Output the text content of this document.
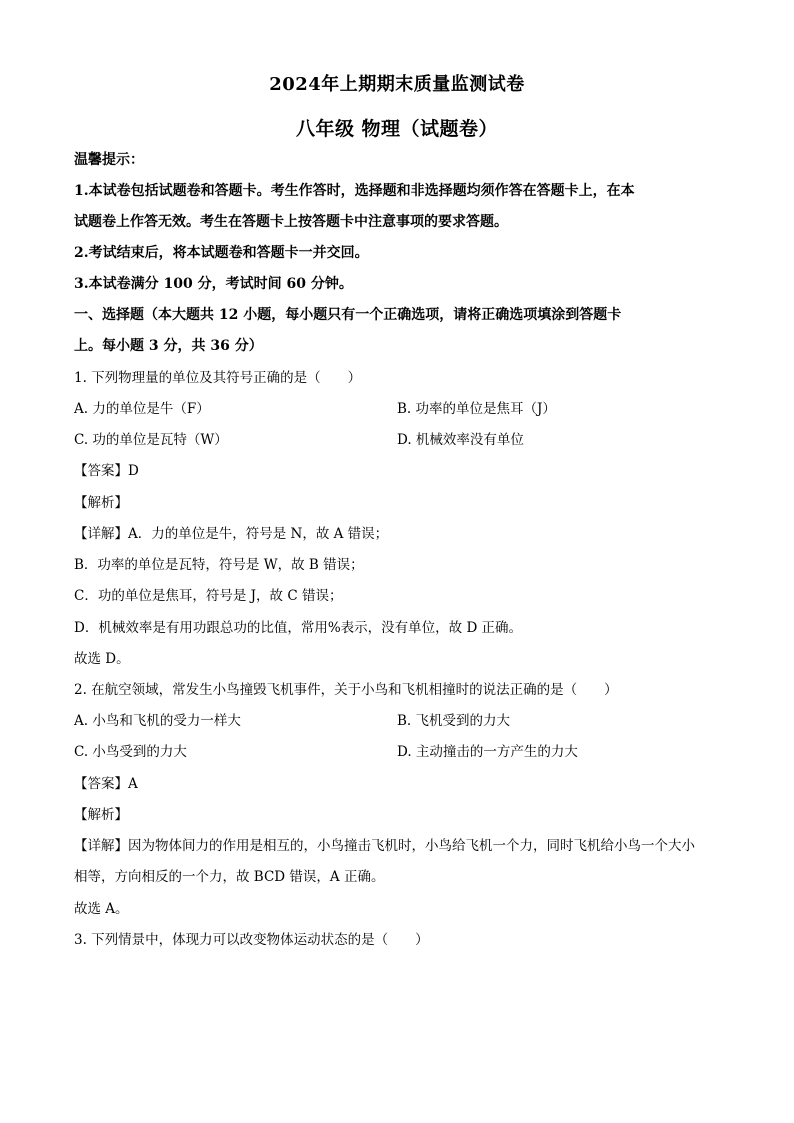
2024年上期期末质量监测试卷
八年级 物理（试题卷）
温馨提示：
1.本试卷包括试题卷和答题卡。考生作答时，选择题和非选择题均须作答在答题卡上，在本
试题卷上作答无效。考生在答题卡上按答题卡中注意事项的要求答题。
2.考试结束后，将本试题卷和答题卡一并交回。
3.本试卷满分 100 分，考试时间 60 分钟。
一、选择题（本大题共 12 小题，每小题只有一个正确选项，请将正确选项填涂到答题卡
上。每小题 3 分，共 36 分）
1. 下列物理量的单位及其符号正确的是（　　）
A. 力的单位是牛（F）	B. 功率的单位是焦耳（J）
C. 功的单位是瓦特（W）	D. 机械效率没有单位
【答案】D
【解析】
【详解】A．力的单位是牛，符号是 N，故 A 错误；
B．功率的单位是瓦特，符号是 W，故 B 错误；
C．功的单位是焦耳，符号是 J，故 C 错误；
D．机械效率是有用功跟总功的比值，常用%表示，没有单位，故 D 正确。
故选 D。
2. 在航空领域，常发生小鸟撞毁飞机事件，关于小鸟和飞机相撞时的说法正确的是（　　）
A. 小鸟和飞机的受力一样大	B. 飞机受到的力大
C. 小鸟受到的力大	D. 主动撞击的一方产生的力大
【答案】A
【解析】
【详解】因为物体间力的作用是相互的，小鸟撞击飞机时，小鸟给飞机一个力，同时飞机给小鸟一个大小
相等，方向相反的一个力，故 BCD 错误，A 正确。
故选 A。
3. 下列情景中，体现力可以改变物体运动状态的是（　　）
